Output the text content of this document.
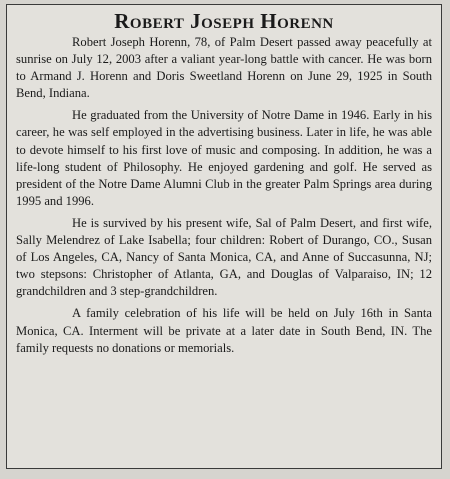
Robert Joseph Horenn

Robert Joseph Horenn, 78, of Palm Desert passed away peacefully at sunrise on July 12, 2003 after a valiant year-long battle with cancer. He was born to Armand J. Horenn and Doris Sweetland Horenn on June 29, 1925 in South Bend, Indiana.

He graduated from the University of Notre Dame in 1946. Early in his career, he was self employed in the advertising business. Later in life, he was able to devote himself to his first love of music and composing. In addition, he was a life-long student of Philosophy. He enjoyed gardening and golf. He served as president of the Notre Dame Alumni Club in the greater Palm Springs area during 1995 and 1996.

He is survived by his present wife, Sal of Palm Desert, and first wife, Sally Melendrez of Lake Isabella; four children: Robert of Durango, CO., Susan of Los Angeles, CA, Nancy of Santa Monica, CA, and Anne of Succasunna, NJ; two stepsons: Christopher of Atlanta, GA, and Douglas of Valparaiso, IN; 12 grandchildren and 3 step-grandchildren.

A family celebration of his life will be held on July 16th in Santa Monica, CA. Interment will be private at a later date in South Bend, IN. The family requests no donations or memorials.
